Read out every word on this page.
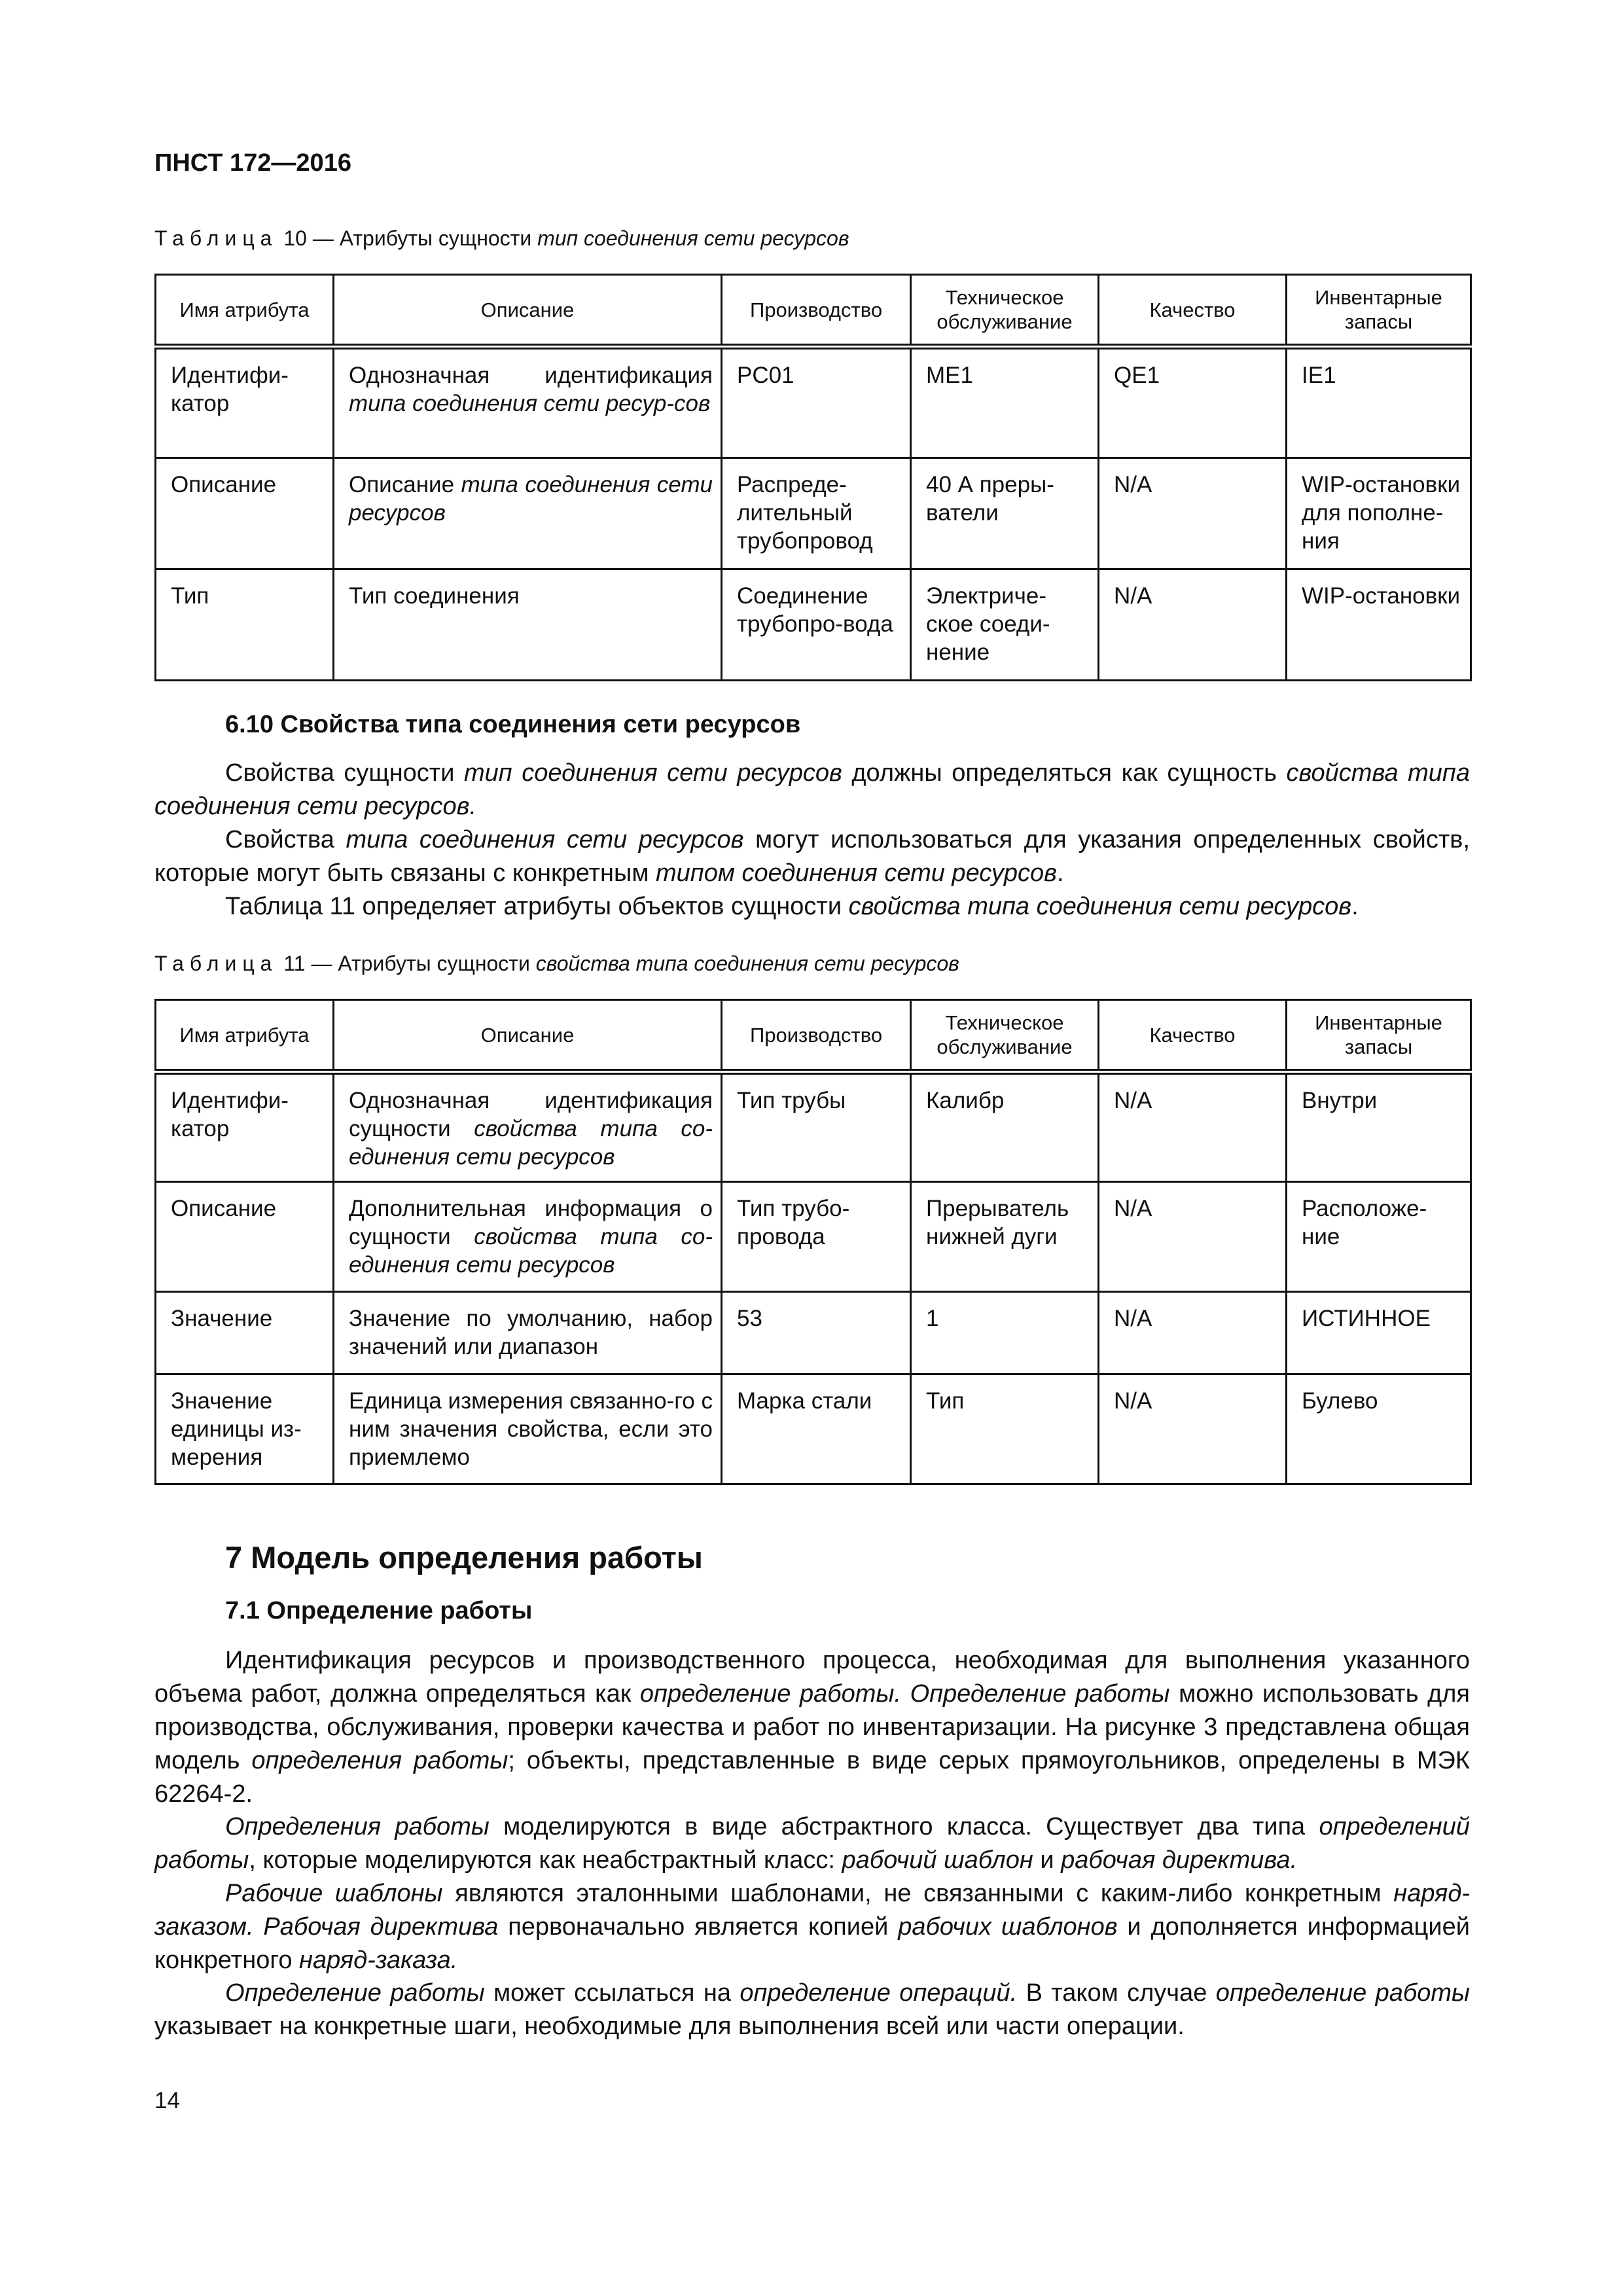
ПНСТ 172—2016
Таблица 10 — Атрибуты сущности тип соединения сети ресурсов
Имя атрибута	Описание	Производство	Техническое обслуживание	Качество	Инвентарные запасы
Идентифи-катор	Однозначная идентификация типа соединения сети ресур-сов	PC01	ME1	QE1	IE1
Описание	Описание типа соединения сети ресурсов	Распреде-лительный трубопровод	40 А преры-ватели	N/A	WIP-остановки для пополне-ния
Тип	Тип соединения	Соединение трубопро-вода	Электриче-ское соеди-нение	N/A	WIP-остановки
6.10 Свойства типа соединения сети ресурсов

Свойства сущности тип соединения сети ресурсов должны определяться как сущность свойства типа соединения сети ресурсов.

Свойства типа соединения сети ресурсов могут использоваться для указания определенных свойств, которые могут быть связаны с конкретным типом соединения сети ресурсов.

Таблица 11 определяет атрибуты объектов сущности свойства типа соединения сети ресурсов.

Таблица 11 — Атрибуты сущности свойства типа соединения сети ресурсов
Имя атрибута	Описание	Производство	Техническое обслуживание	Качество	Инвентарные запасы
Идентифи-катор	Однозначная идентификация сущности свойства типа со-единения сети ресурсов	Тип трубы	Калибр	N/A	Внутри
Описание	Дополнительная информация о сущности свойства типа со-единения сети ресурсов	Тип трубо-провода	Прерыватель нижней дуги	N/A	Расположе-ние
Значение	Значение по умолчанию, набор значений или диапазон	53	1	N/A	ИСТИННОЕ
Значение единицы из-мерения	Единица измерения связанно-го с ним значения свойства, если это приемлемо	Марка стали	Тип	N/A	Булево
7 Модель определения работы
7.1 Определение работы

Идентификация ресурсов и производственного процесса, необходимая для выполнения указанного объема работ, должна определяться как определение работы. Определение работы можно использовать для производства, обслуживания, проверки качества и работ по инвентаризации. На рисунке 3 представлена общая модель определения работы; объекты, представленные в виде серых прямоугольников, определены в МЭК 62264-2.

Определения работы моделируются в виде абстрактного класса. Существует два типа определений работы, которые моделируются как неабстрактный класс: рабочий шаблон и рабочая директива.

Рабочие шаблоны являются эталонными шаблонами, не связанными с каким-либо конкретным наряд-заказом. Рабочая директива первоначально является копией рабочих шаблонов и дополняется информацией конкретного наряд-заказа.

Определение работы может ссылаться на определение операций. В таком случае определение работы указывает на конкретные шаги, необходимые для выполнения всей или части операции.

14
